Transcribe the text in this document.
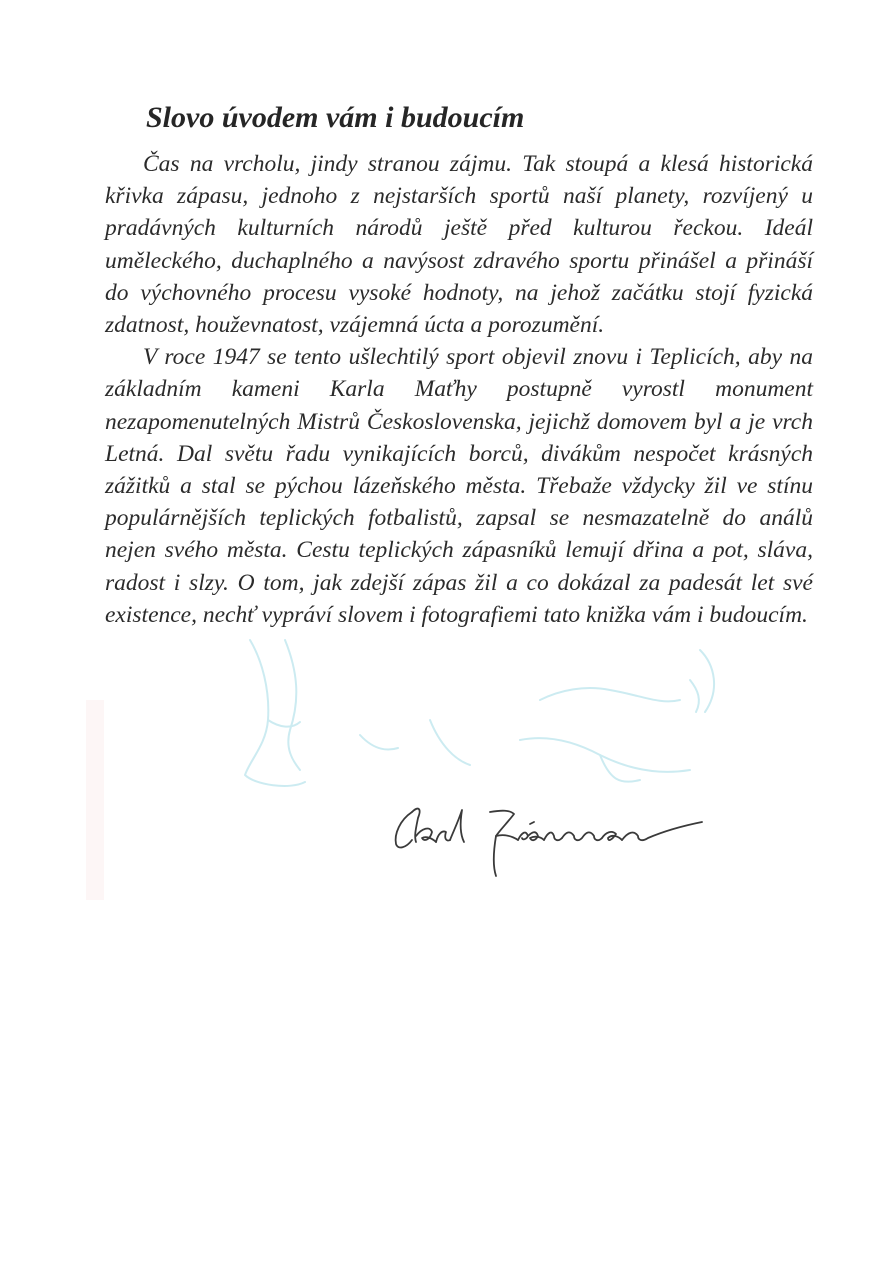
Slovo úvodem vám i budoucím

Čas na vrcholu, jindy stranou zájmu. Tak stoupá a klesá historická křivka zápasu, jednoho z nejstarších sportů naší planety, rozvíjený u pradávných kulturních národů ještě před kulturou řeckou. Ideál uměleckého, duchaplného a navýsost zdravého sportu přinášel a přináší do výchovného procesu vysoké hodnoty, na jehož začátku stojí fyzická zdatnost, houževnatost, vzájemná úcta a porozumění.

V roce 1947 se tento ušlechtilý sport objevil znovu i Teplicích, aby na základním kameni Karla Maťhy postupně vyrostl monument nezapomenutelných Mistrů Československa, jejichž domovem byl a je vrch Letná. Dal světu řadu vynikajících borců, divákům nespočet krásných zážitků a stal se pýchou lázeňského města. Třebaže vždycky žil ve stínu populárnějších teplických fotbalistů, zapsal se nesmazatelně do análů nejen svého města. Cestu teplických zápasníků lemují dřina a pot, sláva, radost i slzy. O tom, jak zdejší zápas žil a co dokázal za padesát let své existence, nechť vypráví slovem i fotografiemi tato knižka vám i budoucím.
